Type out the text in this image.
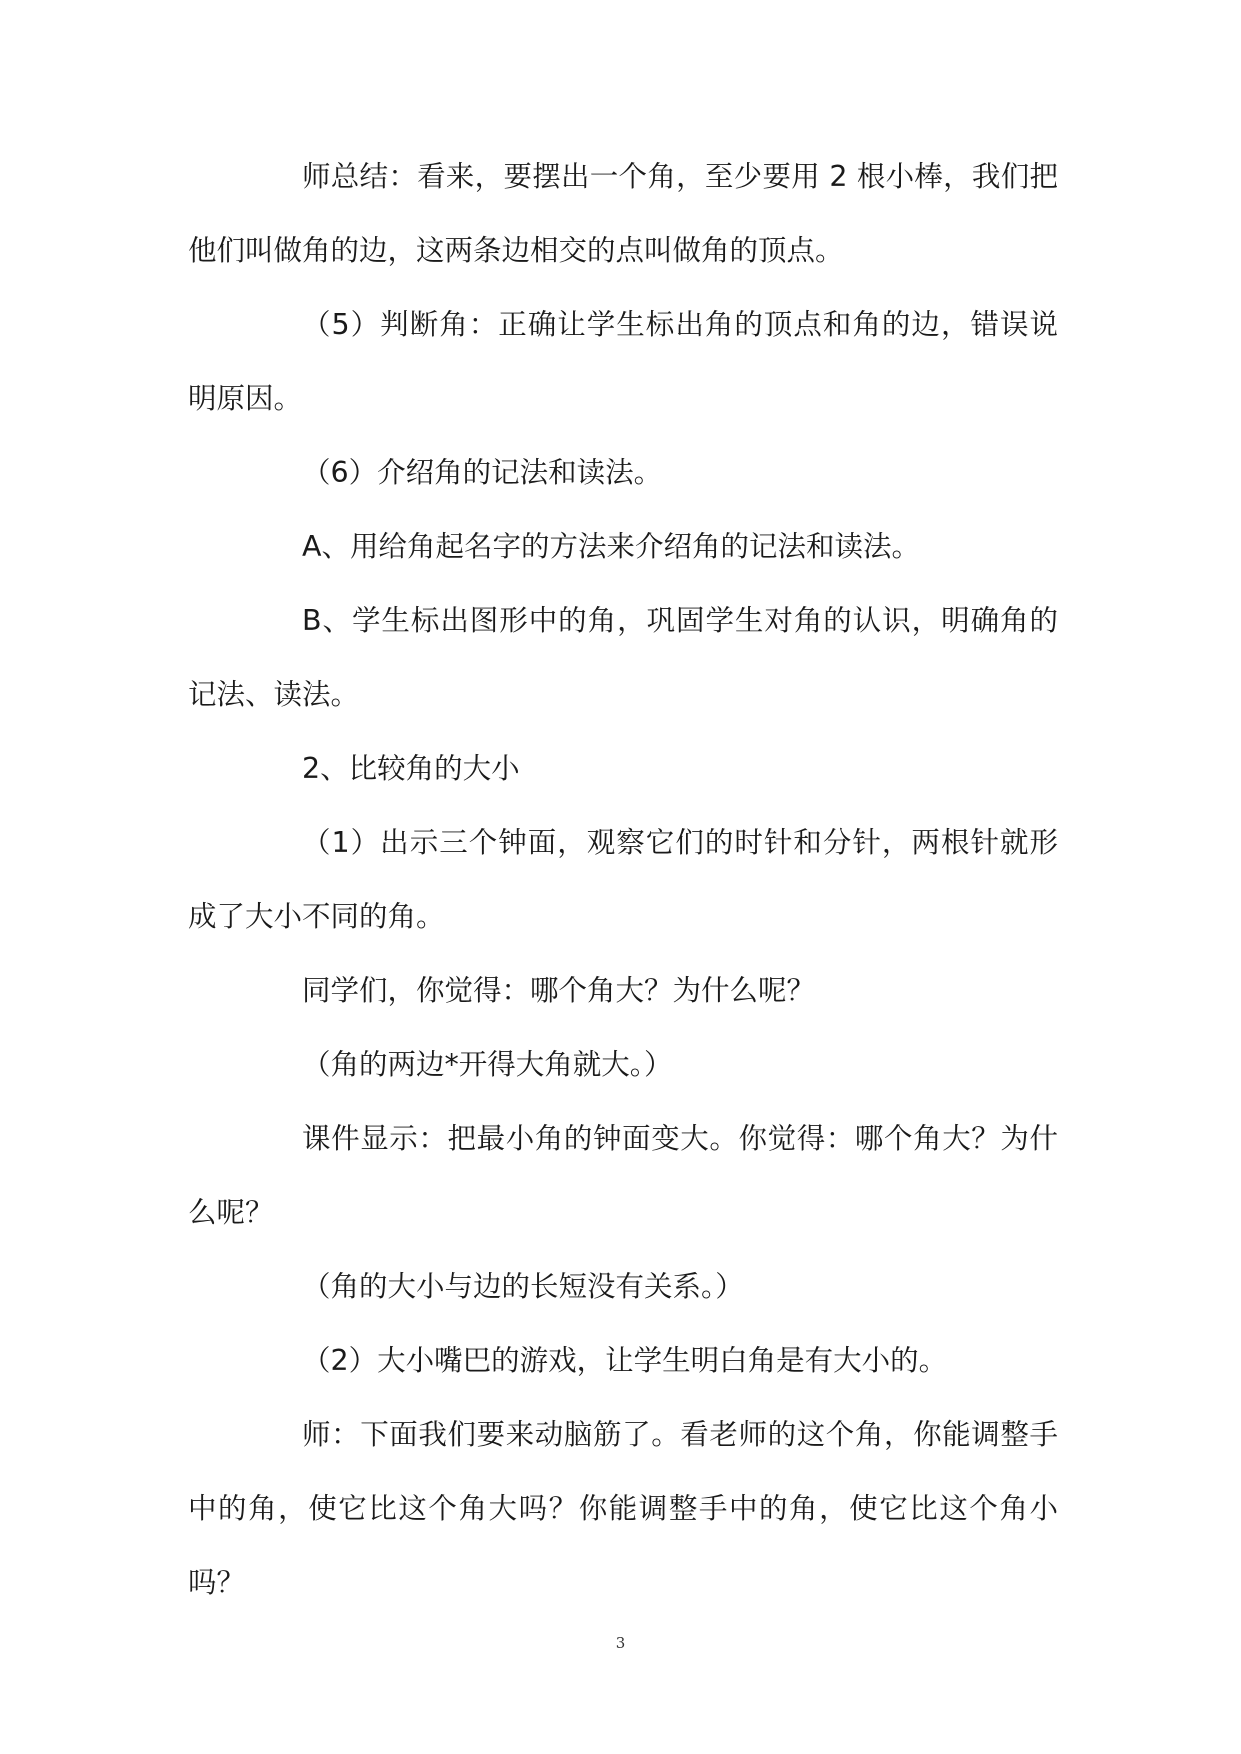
师总结：看来，要摆出一个角，至少要用 2 根小棒，我们把他们叫做角的边，这两条边相交的点叫做角的顶点。

（5）判断角：正确让学生标出角的顶点和角的边，错误说明原因。

（6）介绍角的记法和读法。

A、用给角起名字的方法来介绍角的记法和读法。

B、学生标出图形中的角，巩固学生对角的认识，明确角的记法、读法。

2、比较角的大小

（1）出示三个钟面，观察它们的时针和分针，两根针就形成了大小不同的角。

同学们，你觉得：哪个角大？为什么呢？

（角的两边*开得大角就大。）

课件显示：把最小角的钟面变大。你觉得：哪个角大？为什么呢？

（角的大小与边的长短没有关系。）

（2）大小嘴巴的游戏，让学生明白角是有大小的。

师：下面我们要来动脑筋了。看老师的这个角，你能调整手中的角，使它比这个角大吗？你能调整手中的角，使它比这个角小吗？

3
